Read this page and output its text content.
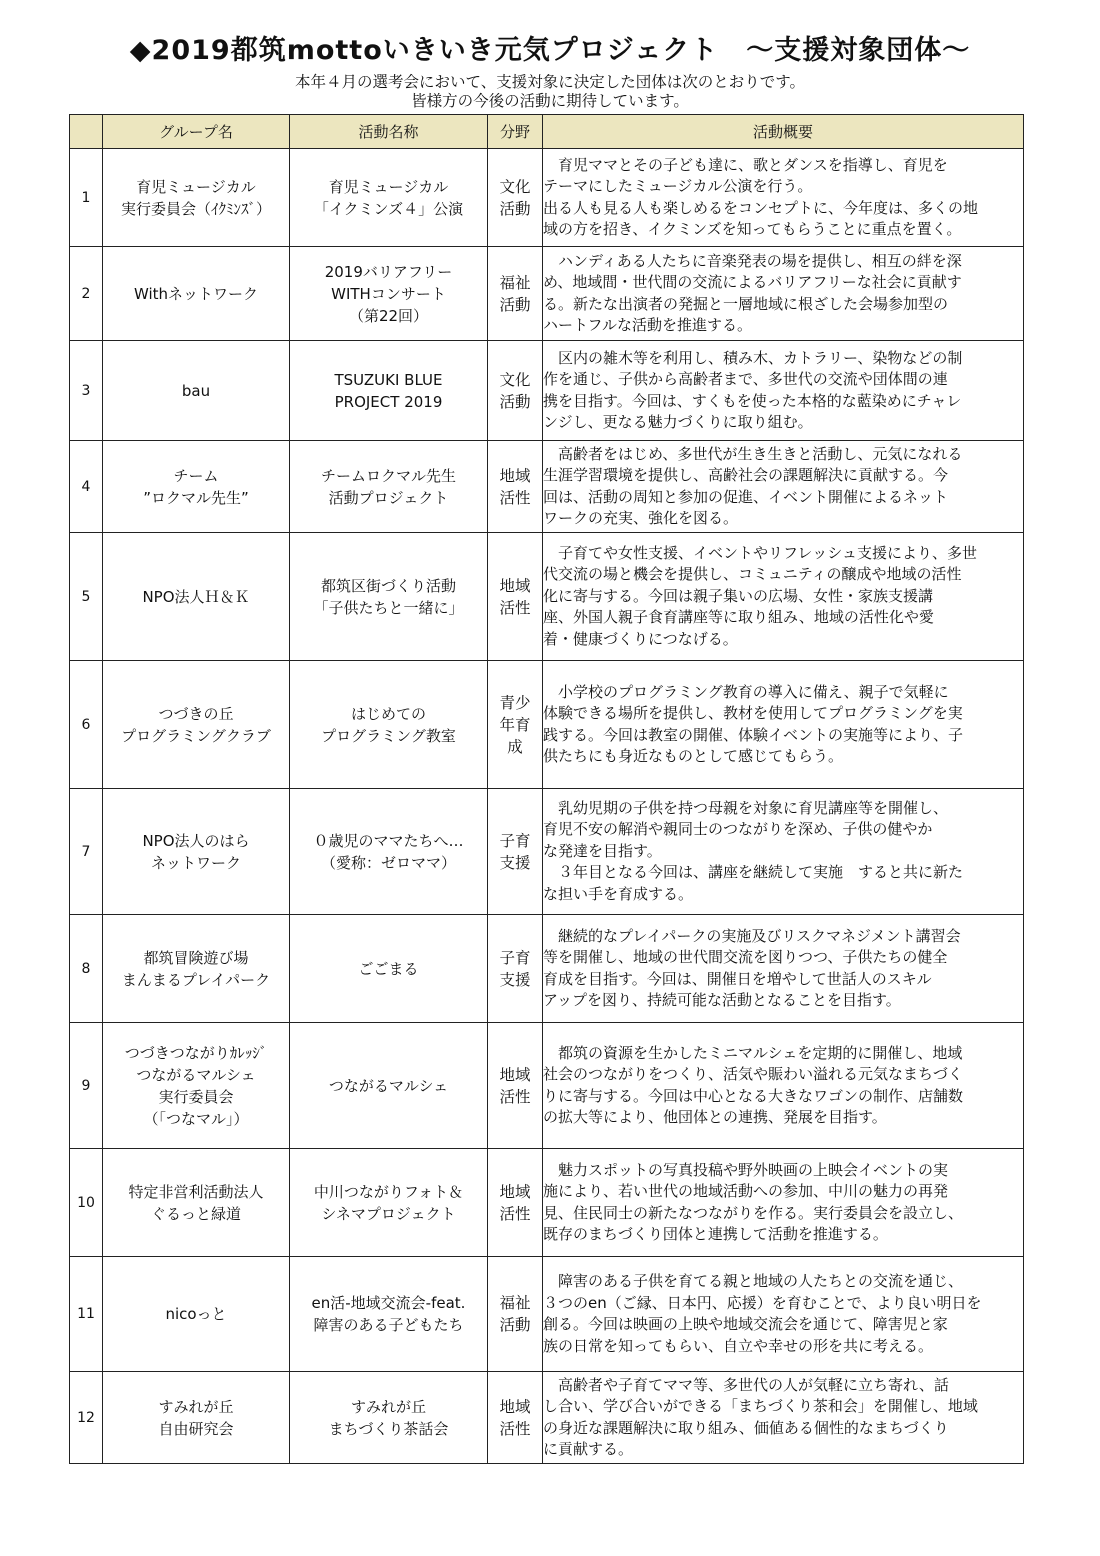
◆2019都筑mottoいきいき元気プロジェクト　～支援対象団体～
本年４月の選考会において、支援対象に決定した団体は次のとおりです。
皆様方の今後の活動に期待しています。
	グループ名	活動名称	分野	活動概要
1	育児ミュージカル
実行委員会（ｲｸﾐﾝｽﾞ）	育児ミュージカル
「イクミンズ４」公演	文化 活動	　育児ママとその子ども達に、歌とダンスを指導し、育児を
テーマにしたミュージカル公演を行う。
出る人も見る人も楽しめるをコンセプトに、今年度は、多くの地
域の方を招き、イクミンズを知ってもらうことに重点を置く。
2	Withネットワーク	2019バリアフリー
WITHコンサート
（第22回）	福祉 活動	　ハンディある人たちに音楽発表の場を提供し、相互の絆を深
め、地域間・世代間の交流によるバリアフリーな社会に貢献す
る。新たな出演者の発掘と一層地域に根ざした会場参加型の
ハートフルな活動を推進する。
3	bau	TSUZUKI BLUE
PROJECT 2019	文化 活動	　区内の雑木等を利用し、積み木、カトラリー、染物などの制
作を通じ、子供から高齢者まで、多世代の交流や団体間の連
携を目指す。今回は、すくもを使った本格的な藍染めにチャレ
ンジし、更なる魅力づくりに取り組む。
4	チーム
”ロクマル先生”	チームロクマル先生
活動プロジェクト	地域 活性	　高齢者をはじめ、多世代が生き生きと活動し、元気になれる
生涯学習環境を提供し、高齢社会の課題解決に貢献する。今
回は、活動の周知と参加の促進、イベント開催によるネット
ワークの充実、強化を図る。
5	NPO法人Ｈ＆Ｋ	都筑区街づくり活動
「子供たちと一緒に」	地域 活性	　子育てや女性支援、イベントやリフレッシュ支援により、多世
代交流の場と機会を提供し、コミュニティの醸成や地域の活性
化に寄与する。今回は親子集いの広場、女性・家族支援講
座、外国人親子食育講座等に取り組み、地域の活性化や愛
着・健康づくりにつなげる。
6	つづきの丘
プログラミングクラブ	はじめての
プログラミング教室	青少年育成	　小学校のプログラミング教育の導入に備え、親子で気軽に
体験できる場所を提供し、教材を使用してプログラミングを実
践する。今回は教室の開催、体験イベントの実施等により、子
供たちにも身近なものとして感じてもらう。
7	NPO法人のはら
ネットワーク	０歳児のママたちへ…
（愛称：ゼロママ）	子育 支援	　乳幼児期の子供を持つ母親を対象に育児講座等を開催し、
育児不安の解消や親同士のつながりを深め、子供の健やか
な発達を目指す。
　３年目となる今回は、講座を継続して実施　すると共に新た
な担い手を育成する。
8	都筑冒険遊び場
まんまるプレイパーク	ごごまる	子育 支援	　継続的なプレイパークの実施及びリスクマネジメント講習会
等を開催し、地域の世代間交流を図りつつ、子供たちの健全
育成を目指す。今回は、開催日を増やして世話人のスキル
アップを図り、持続可能な活動となることを目指す。
9	つづきつながりｶﾚｯｼﾞ
つながるマルシェ
実行委員会
（「つなマル」）	つながるマルシェ	地域 活性	　都筑の資源を生かしたミニマルシェを定期的に開催し、地域
社会のつながりをつくり、活気や賑わい溢れる元気なまちづく
りに寄与する。今回は中心となる大きなワゴンの制作、店舗数
の拡大等により、他団体との連携、発展を目指す。
10	特定非営利活動法人
ぐるっと緑道	中川つながりフォト＆
シネマプロジェクト	地域 活性	　魅力スポットの写真投稿や野外映画の上映会イベントの実
施により、若い世代の地域活動への参加、中川の魅力の再発
見、住民同士の新たなつながりを作る。実行委員会を設立し、
既存のまちづくり団体と連携して活動を推進する。
11	nicoっと	en活-地域交流会-feat.
障害のある子どもたち	福祉 活動	　障害のある子供を育てる親と地域の人たちとの交流を通じ、
３つのen（ご縁、日本円、応援）を育むことで、より良い明日を
創る。今回は映画の上映や地域交流会を通じて、障害児と家
族の日常を知ってもらい、自立や幸せの形を共に考える。
12	すみれが丘
自由研究会	すみれが丘
まちづくり茶話会	地域 活性	　高齢者や子育てママ等、多世代の人が気軽に立ち寄れ、話
し合い、学び合いができる「まちづくり茶和会」を開催し、地域
の身近な課題解決に取り組み、価値ある個性的なまちづくり
に貢献する。
